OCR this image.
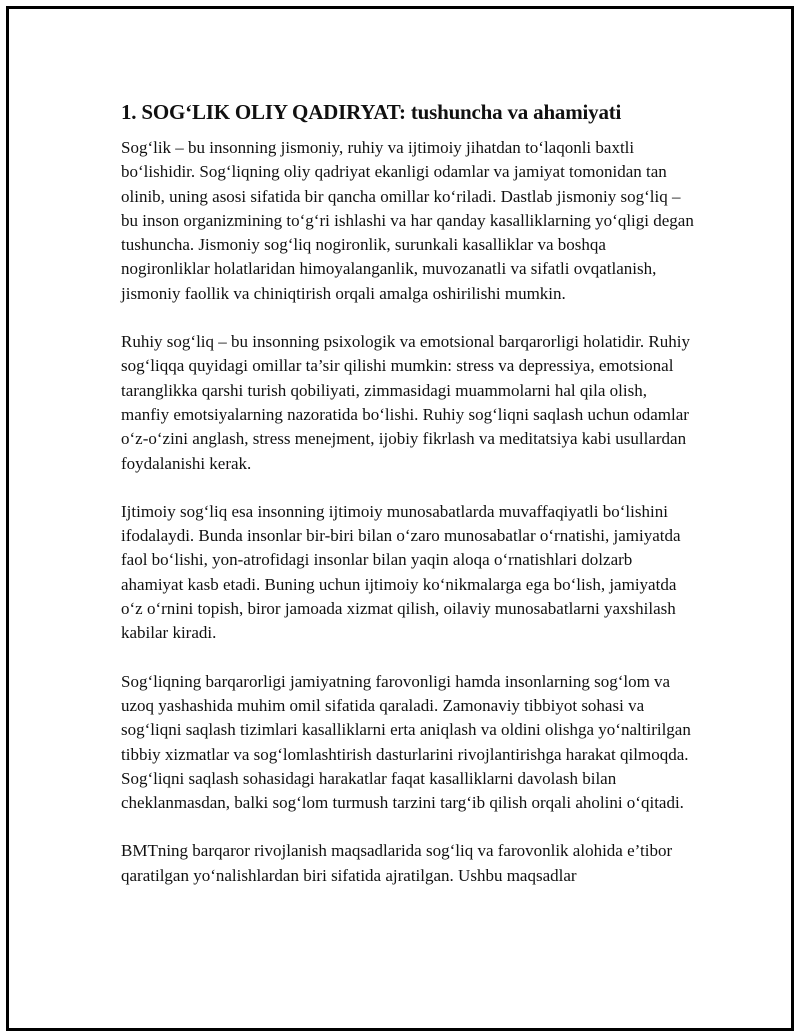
1. SOG‘LIK OLIY QADIRYAT: tushuncha va ahamiyati

Sog‘lik – bu insonning jismoniy, ruhiy va ijtimoiy jihatdan to‘laqonli baxtli bo‘lishidir. Sog‘liqning oliy qadriyat ekanligi odamlar va jamiyat tomonidan tan olinib, uning asosi sifatida bir qancha omillar ko‘riladi. Dastlab jismoniy sog‘liq – bu inson organizmining to‘g‘ri ishlashi va har qanday kasalliklarning yo‘qligi degan tushuncha. Jismoniy sog‘liq nogironlik, surunkali kasalliklar va boshqa nogironliklar holatlaridan himoyalanganlik, muvozanatli va sifatli ovqatlanish, jismoniy faollik va chiniqtirish orqali amalga oshirilishi mumkin.

Ruhiy sog‘liq – bu insonning psixologik va emotsional barqarorligi holatidir. Ruhiy sog‘liqqa quyidagi omillar ta’sir qilishi mumkin: stress va depressiya, emotsional taranglikka qarshi turish qobiliyati, zimmasidagi muammolarni hal qila olish, manfiy emotsiyalarning nazoratida bo‘lishi. Ruhiy sog‘liqni saqlash uchun odamlar o‘z-o‘zini anglash, stress menejment, ijobiy fikrlash va meditatsiya kabi usullardan foydalanishi kerak.

Ijtimoiy sog‘liq esa insonning ijtimoiy munosabatlarda muvaffaqiyatli bo‘lishini ifodalaydi. Bunda insonlar bir-biri bilan o‘zaro munosabatlar o‘rnatishi, jamiyatda faol bo‘lishi, yon-atrofidagi insonlar bilan yaqin aloqa o‘rnatishlari dolzarb ahamiyat kasb etadi. Buning uchun ijtimoiy ko‘nikmalarga ega bo‘lish, jamiyatda o‘z o‘rnini topish, biror jamoada xizmat qilish, oilaviy munosabatlarni yaxshilash kabilar kiradi.

Sog‘liqning barqarorligi jamiyatning farovonligi hamda insonlarning sog‘lom va uzoq yashashida muhim omil sifatida qaraladi. Zamonaviy tibbiyot sohasi va sog‘liqni saqlash tizimlari kasalliklarni erta aniqlash va oldini olishga yo‘naltirilgan tibbiy xizmatlar va sog‘lomlashtirish dasturlarini rivojlantirishga harakat qilmoqda. Sog‘liqni saqlash sohasidagi harakatlar faqat kasalliklarni davolash bilan cheklanmasdan, balki sog‘lom turmush tarzini targ‘ib qilish orqali aholini o‘qitadi.

BMTning barqaror rivojlanish maqsadlarida sog‘liq va farovonlik alohida e’tibor qaratilgan yo‘nalishlardan biri sifatida ajratilgan. Ushbu maqsadlar
